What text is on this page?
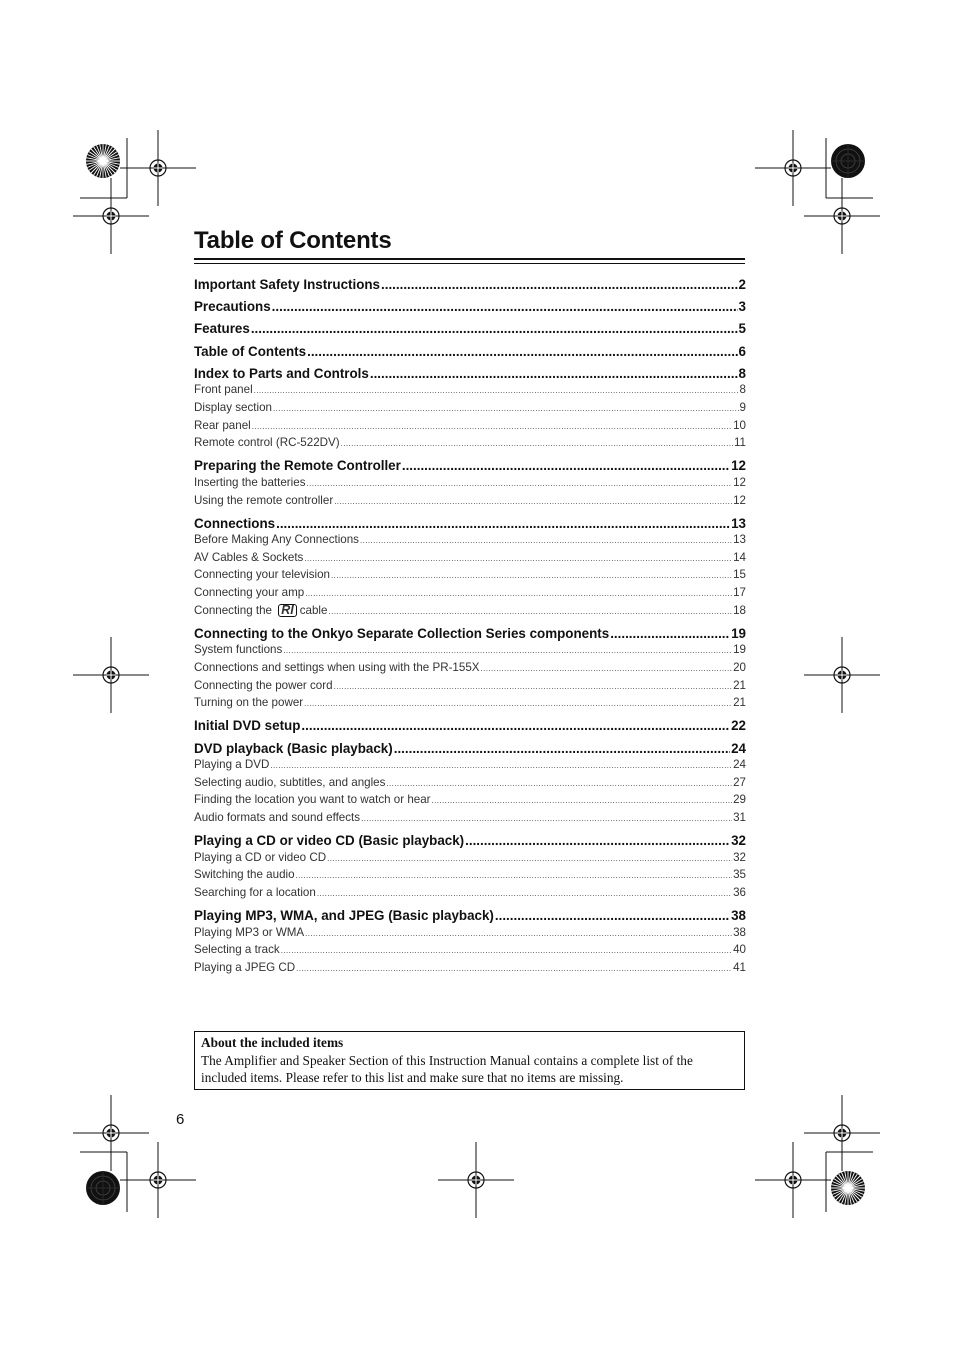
Table of Contents
Important Safety Instructions .....	2
Precautions .....	3
Features .....	5
Table of Contents .....	6
Index to Parts and Controls .....	8
Front panel .....	8
Display section .....	9
Rear panel .....	10
Remote control (RC-522DV) .....	11
Preparing the Remote Controller .....	12
Inserting the batteries .....	12
Using the remote controller .....	12
Connections .....	13
Before Making Any Connections .....	13
AV Cables & Sockets .....	14
Connecting your television .....	15
Connecting your amp .....	17
Connecting the RI cable .....	18
Connecting to the Onkyo Separate Collection Series components .....	19
System functions .....	19
Connections and settings when using with the PR-155X .....	20
Connecting the power cord .....	21
Turning on the power .....	21
Initial DVD setup .....	22
DVD playback (Basic playback) .....	24
Playing a DVD .....	24
Selecting audio, subtitles, and angles .....	27
Finding the location you want to watch or hear .....	29
Audio formats and sound effects .....	31
Playing a CD or video CD (Basic playback) .....	32
Playing a CD or video CD .....	32
Switching the audio .....	35
Searching for a location .....	36
Playing MP3, WMA, and JPEG (Basic playback) .....	38
Playing MP3 or WMA .....	38
Selecting a track .....	40
Playing a JPEG CD .....	41
About the included items
The Amplifier and Speaker Section of this Instruction Manual contains a complete list of the included items. Please refer to this list and make sure that no items are missing.
6
